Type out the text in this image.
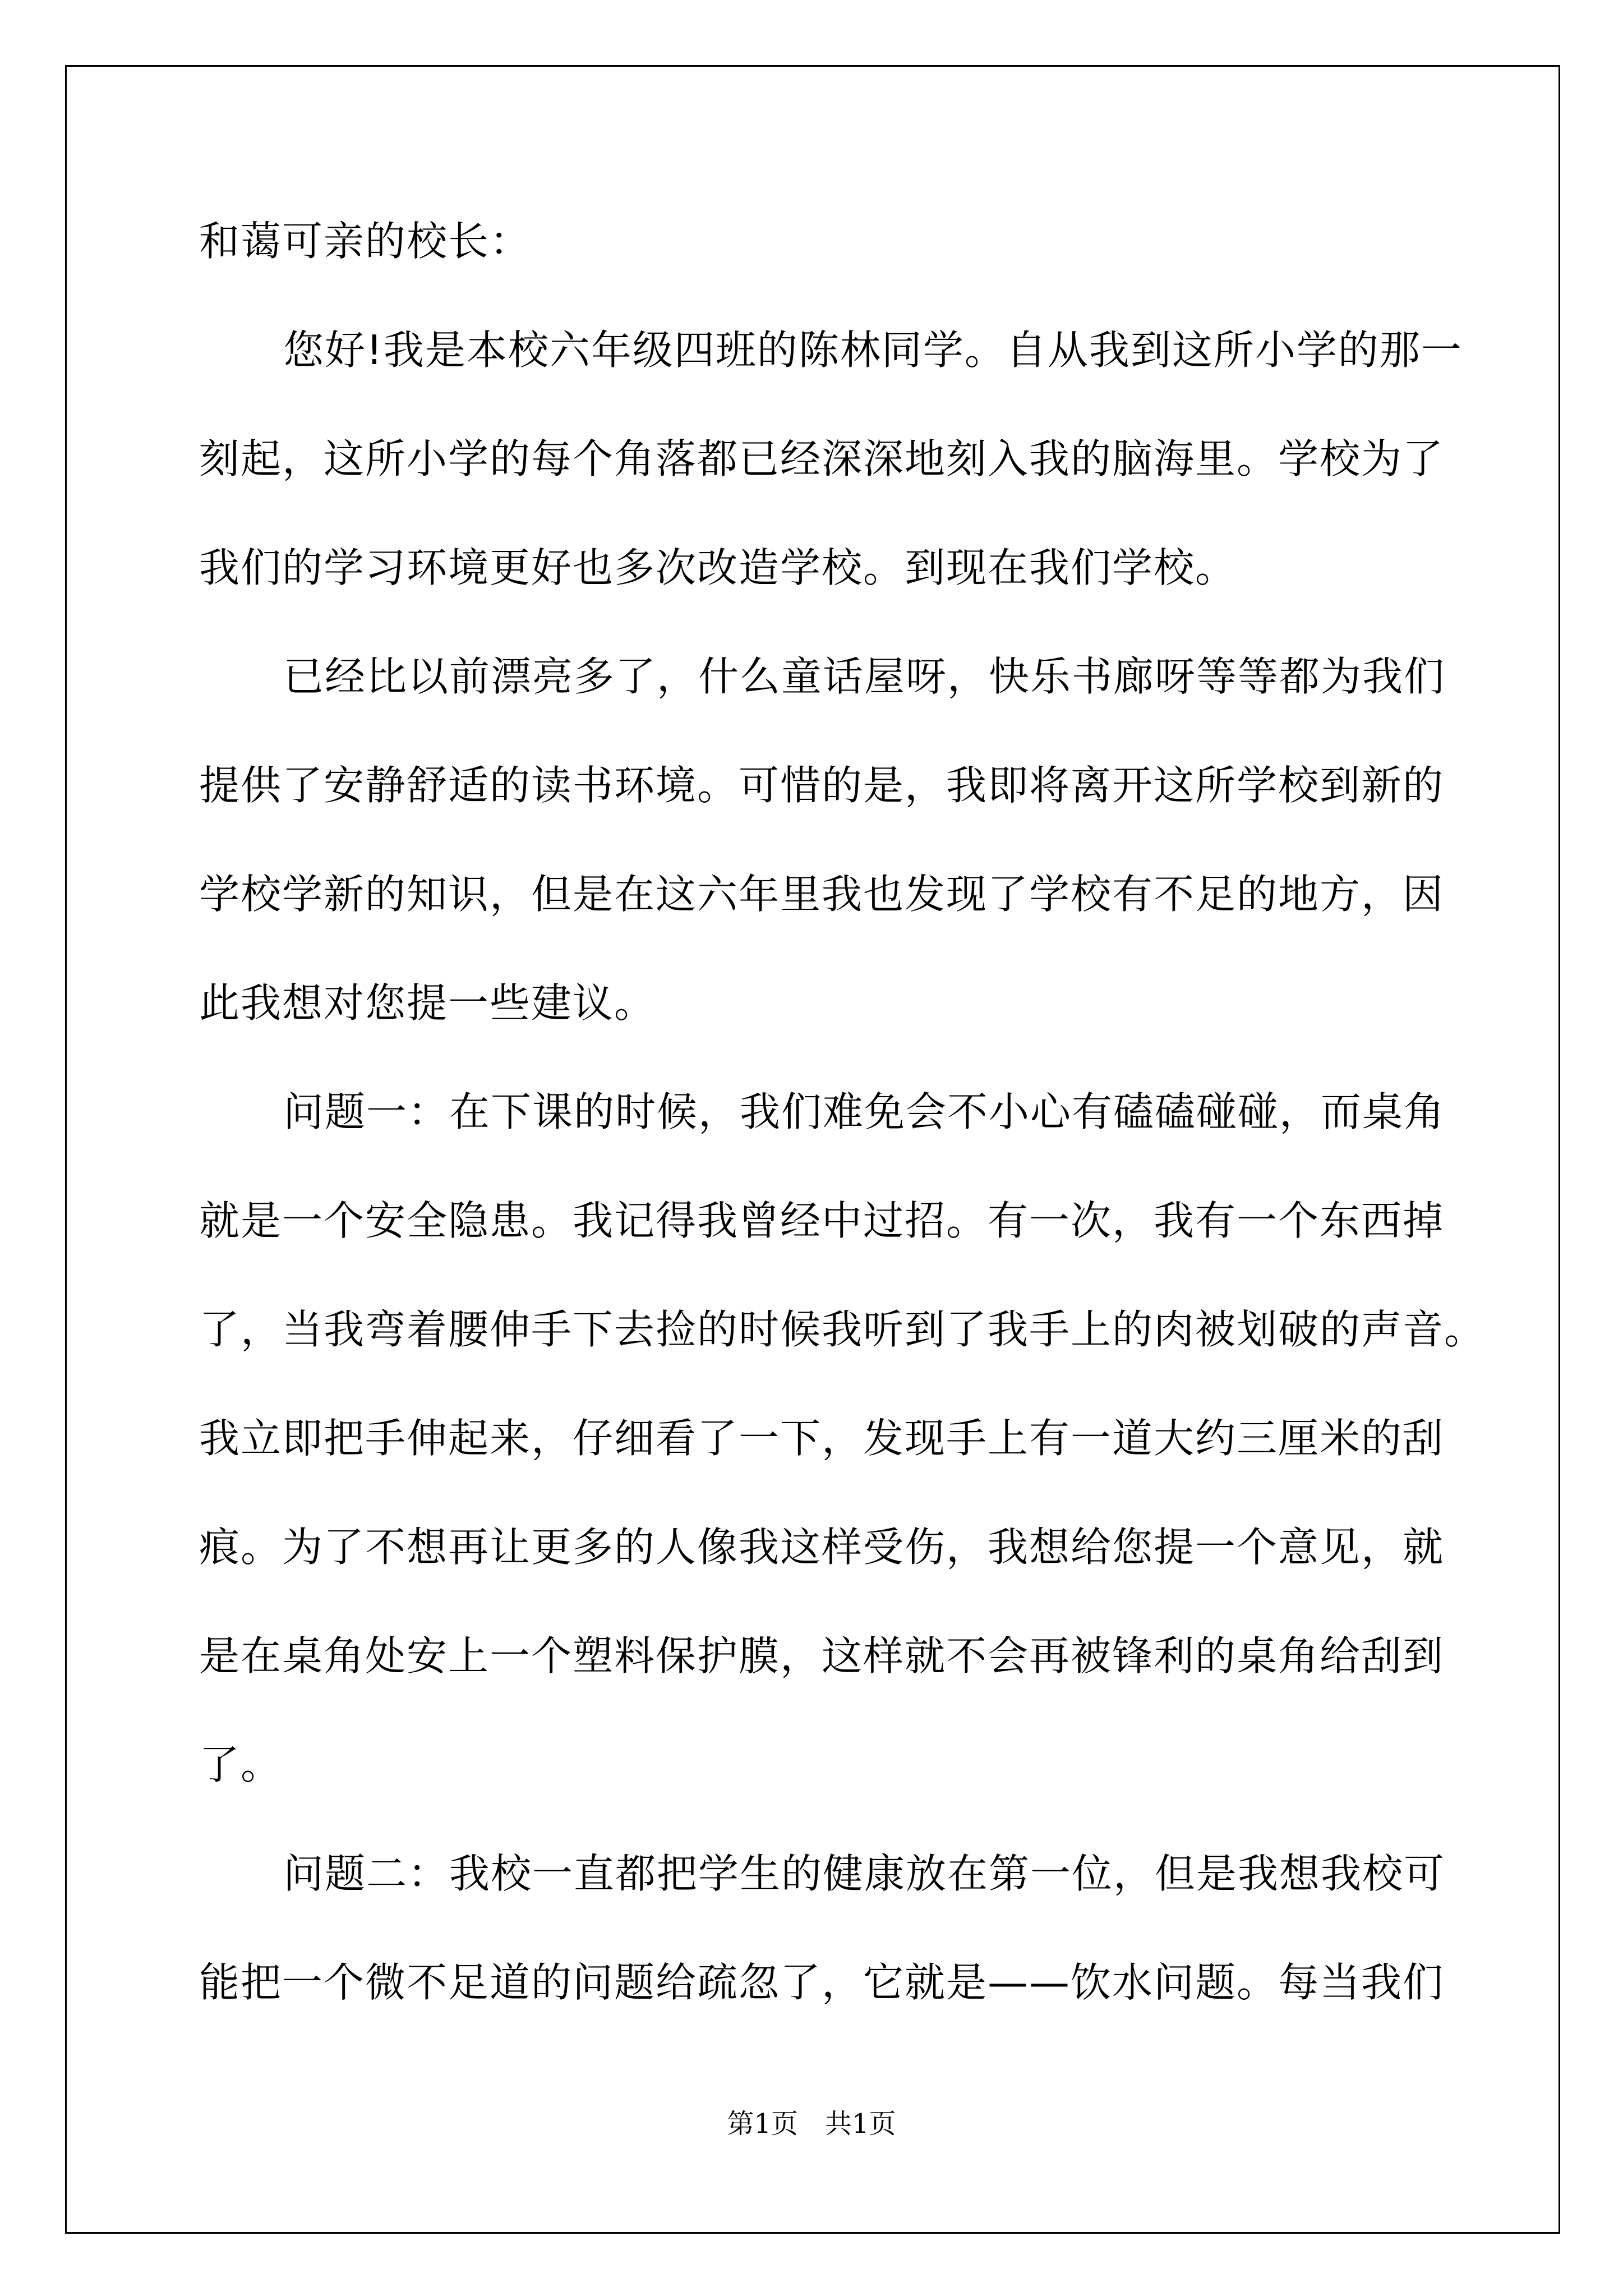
和蔼可亲的校长：

您好!我是本校六年级四班的陈林同学。自从我到这所小学的那一
刻起，这所小学的每个角落都已经深深地刻入我的脑海里。学校为了
我们的学习环境更好也多次改造学校。到现在我们学校。
已经比以前漂亮多了，什么童话屋呀，快乐书廊呀等等都为我们
提供了安静舒适的读书环境。可惜的是，我即将离开这所学校到新的
学校学新的知识，但是在这六年里我也发现了学校有不足的地方，因
此我想对您提一些建议。
问题一：在下课的时候，我们难免会不小心有磕磕碰碰，而桌角
就是一个安全隐患。我记得我曾经中过招。有一次，我有一个东西掉
了，当我弯着腰伸手下去捡的时候我听到了我手上的肉被划破的声音。
我立即把手伸起来，仔细看了一下，发现手上有一道大约三厘米的刮
痕。为了不想再让更多的人像我这样受伤，我想给您提一个意见，就
是在桌角处安上一个塑料保护膜，这样就不会再被锋利的桌角给刮到
了。
问题二：我校一直都把学生的健康放在第一位，但是我想我校可
能把一个微不足道的问题给疏忽了，它就是——饮水问题。每当我们
第1页 共1页
